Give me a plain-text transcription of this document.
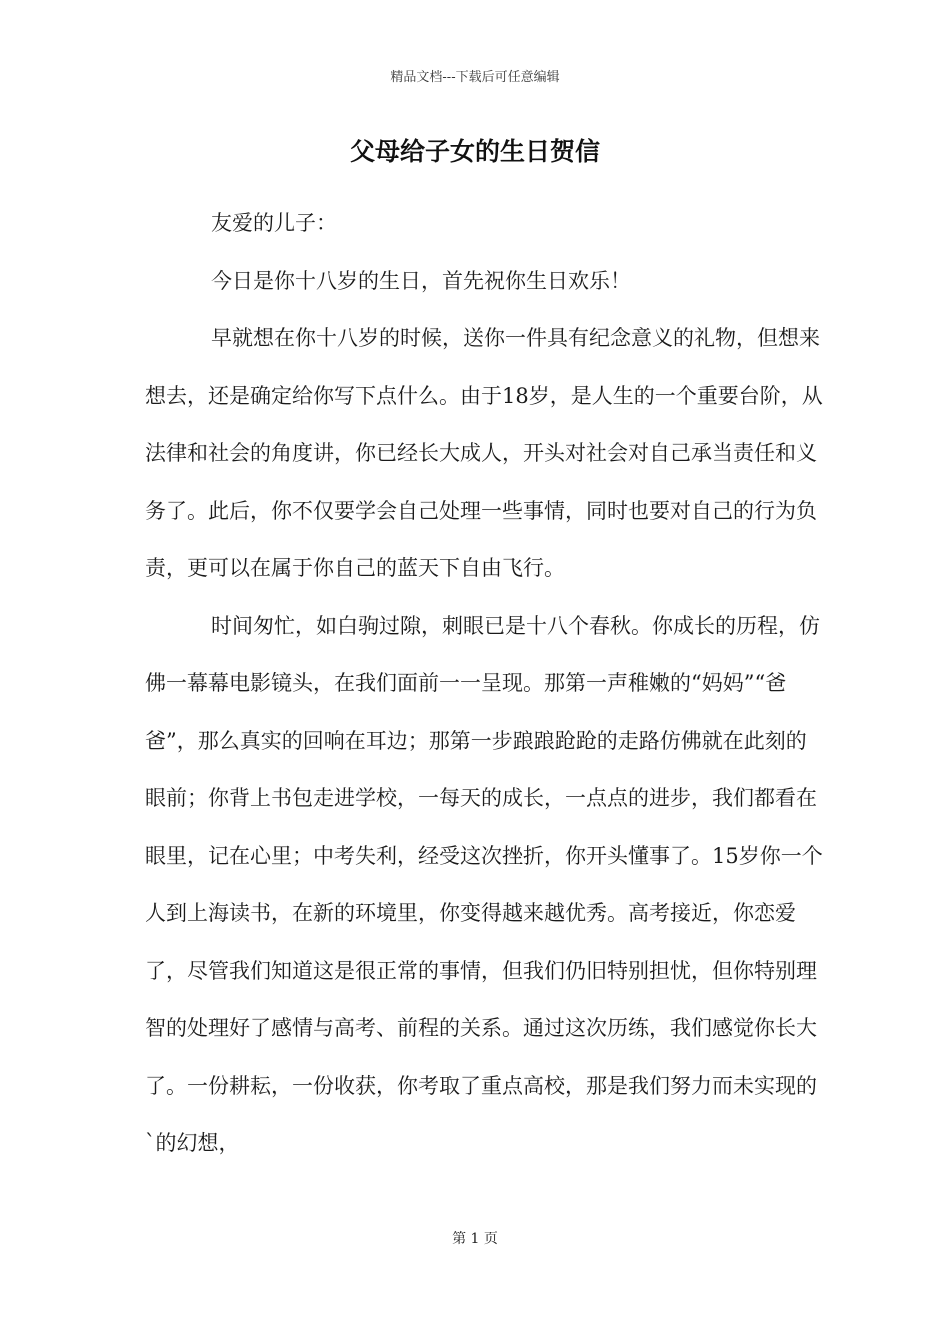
精品文档---下载后可任意编辑
父母给子女的生日贺信

友爱的儿子：

今日是你十八岁的生日，首先祝你生日欢乐！

早就想在你十八岁的时候，送你一件具有纪念意义的礼物，但想来想去，还是确定给你写下点什么。由于18岁，是人生的一个重要台阶，从法律和社会的角度讲，你已经长大成人，开头对社会对自己承当责任和义务了。此后，你不仅要学会自己处理一些事情，同时也要对自己的行为负责，更可以在属于你自己的蓝天下自由飞行。

时间匆忙，如白驹过隙，刺眼已是十八个春秋。你成长的历程，仿佛一幕幕电影镜头，在我们面前一一呈现。那第一声稚嫩的“妈妈”“爸爸”，那么真实的回响在耳边；那第一步踉踉跄跄的走路仿佛就在此刻的眼前；你背上书包走进学校，一每天的成长，一点点的进步，我们都看在眼里，记在心里；中考失利，经受这次挫折，你开头懂事了。15岁你一个人到上海读书，在新的环境里，你变得越来越优秀。高考接近，你恋爱了，尽管我们知道这是很正常的事情，但我们仍旧特别担忧，但你特别理智的处理好了感情与高考、前程的关系。通过这次历练，我们感觉你长大了。一份耕耘，一份收获，你考取了重点高校，那是我们努力而未实现的`的幻想，

第 1 页
